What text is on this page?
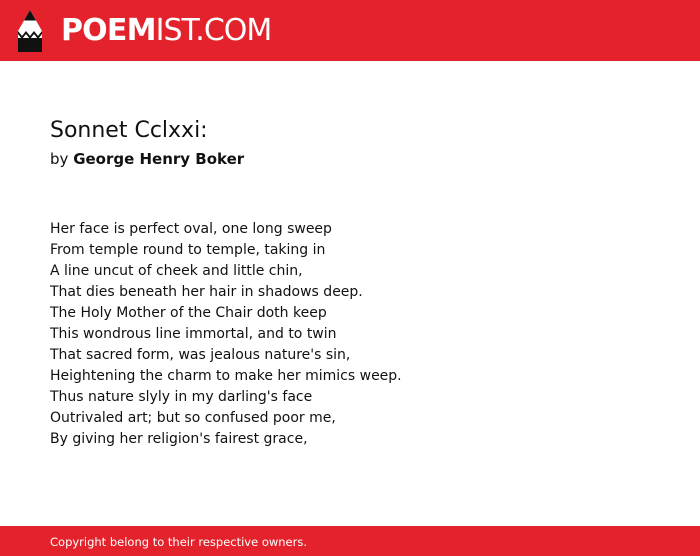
POEMIST.COM
Sonnet Cclxxi:
by George Henry Boker
Her face is perfect oval, one long sweep
From temple round to temple, taking in
A line uncut of cheek and little chin,
That dies beneath her hair in shadows deep.
The Holy Mother of the Chair doth keep
This wondrous line immortal, and to twin
That sacred form, was jealous nature's sin,
Heightening the charm to make her mimics weep.
Thus nature slyly in my darling's face
Outrivaled art; but so confused poor me,
By giving her religion's fairest grace,
Copyright belong to their respective owners.
